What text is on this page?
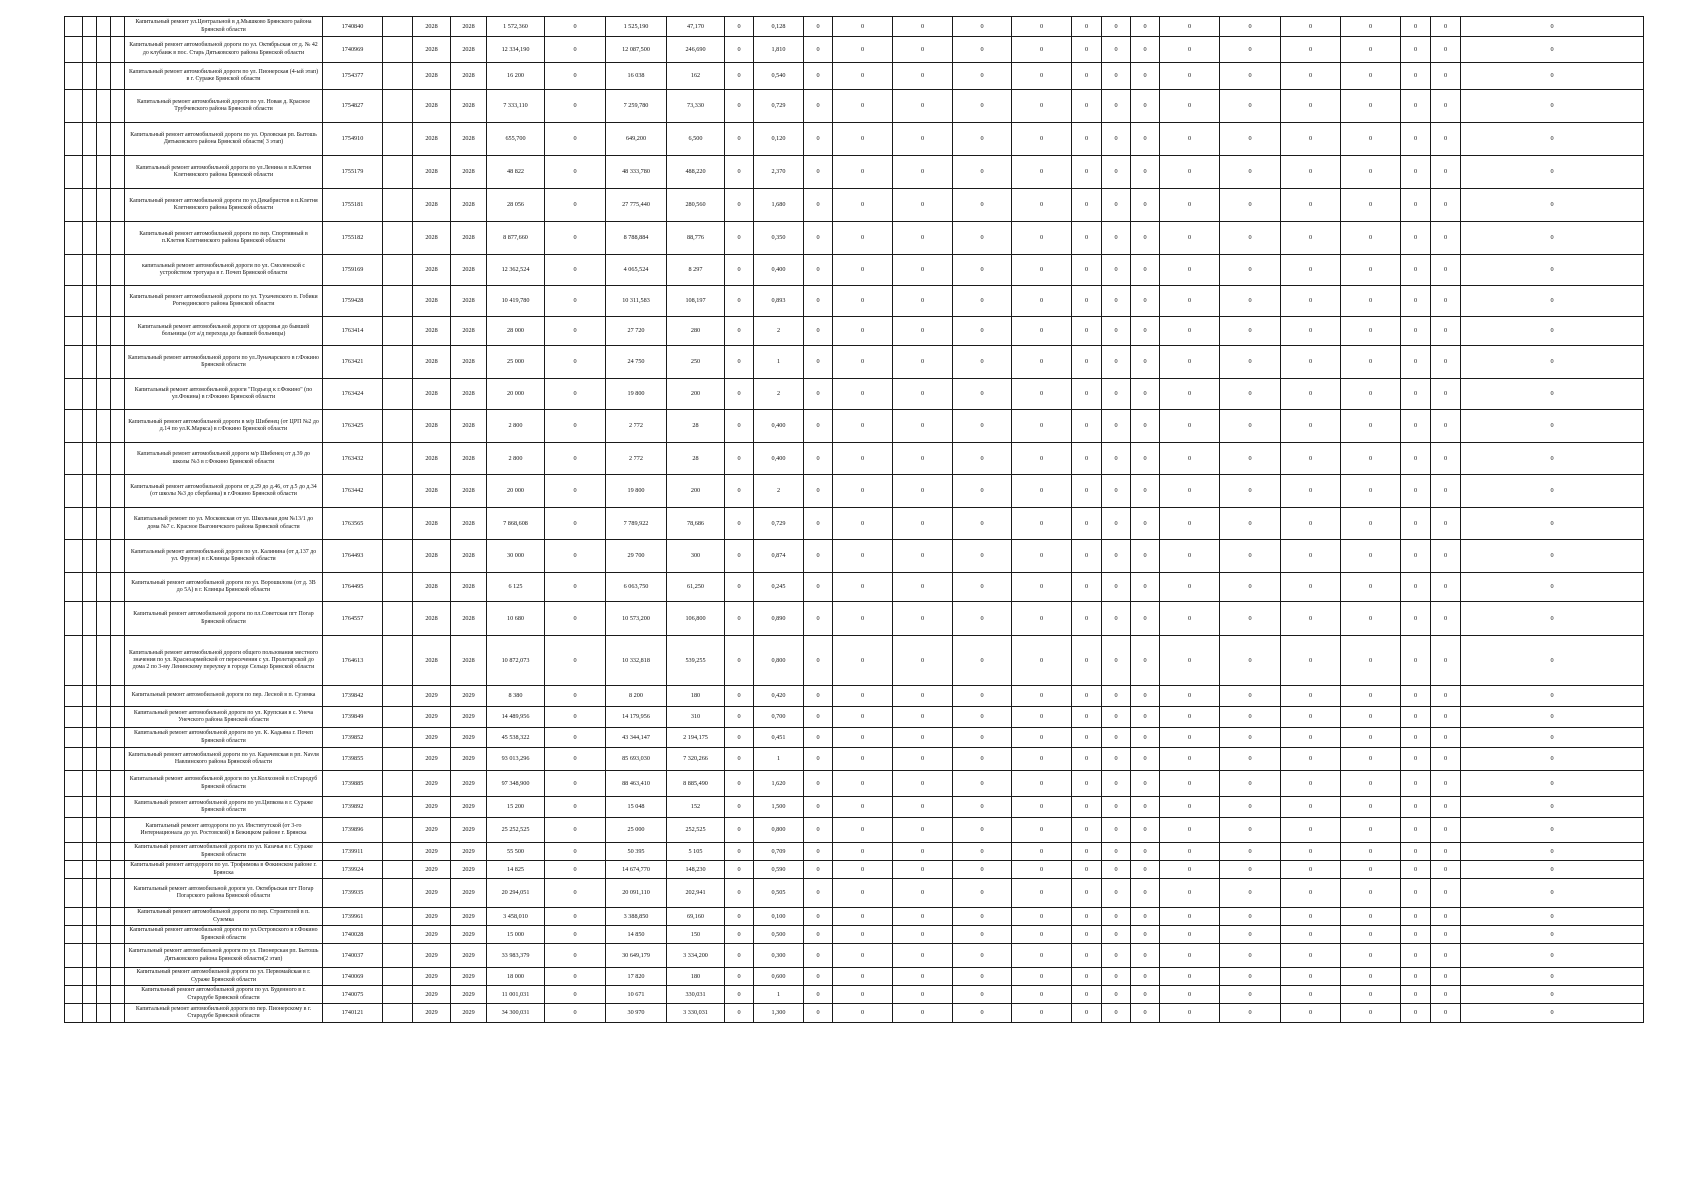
				Капитальный ремонт ул.Центральной в д.Мышково Брянского района Брянской области	1740840		2028	2028	1 572,360	0	1 525,190	47,170	0	0,128	0	0	0	0	0	0	0	0	0	0	0	0	0	0	0
				Капитальный ремонт автомобильной дороги по ул. Октябрьская от д. № 42 до клубаиж в пос. Старь Дятьковского района Брянской области	1740969		2028	2028	12 334,190	0	12 087,500	246,690	0	1,810	0	0	0	0	0	0	0	0	0	0	0	0	0	0	0
				Капитальный ремонт автомобильной дороги по ул. Пионерская (4-ый этап) в г. Сураже Брянской области	1754377		2028	2028	16 200	0	16 038	162	0	0,540	0	0	0	0	0	0	0	0	0	0	0	0	0	0	0
				Капитальный ремонт автомобильной дороги по ул. Новая д. Красное Трубчевского района Брянской области	1754827		2028	2028	7 333,110	0	7 259,780	73,330	0	0,729	0	0	0	0	0	0	0	0	0	0	0	0	0	0	0
				Капитальный ремонт автомобильной дороги по ул. Орловская рп. Бытошь Дятьковского района Брянской области( 3 этап)	1754910		2028	2028	655,700	0	649,200	6,500	0	0,120	0	0	0	0	0	0	0	0	0	0	0	0	0	0	0
				Капитальный ремонт автомобильной дороги по ул.Ленина в п.Клетня Клетнянского района Брянской области	1755179		2028	2028	48 822	0	48 333,780	488,220	0	2,370	0	0	0	0	0	0	0	0	0	0	0	0	0	0	0
				Капитальный ремонт автомобильной дороги по ул.Декабристов в п.Клетня Клетнянского района Брянской области	1755181		2028	2028	28 056	0	27 775,440	280,560	0	1,680	0	0	0	0	0	0	0	0	0	0	0	0	0	0	0
				Капитальный ремонт автомобильной дороги по пер. Спортивный в п.Клетня Клетнянского района Брянской области	1755182		2028	2028	8 877,660	0	8 788,884	88,776	0	0,350	0	0	0	0	0	0	0	0	0	0	0	0	0	0	0
				капитальный ремонт автомобильной дороги по ул. Смоленской с устройством тротуара в г. Почеп Брянской области	1759169		2028	2028	12 362,524	0	4 065,524	8 297	0	0,400	0	0	0	0	0	0	0	0	0	0	0	0	0	0	0
				Капитальный ремонт автомобильной дороги по ул. Тухачевского п. Гобики Рогнединского района Брянской области	1759428		2028	2028	10 419,780	0	10 311,583	108,197	0	0,893	0	0	0	0	0	0	0	0	0	0	0	0	0	0	0
				Капитальный ремонт автомобильной дороги от здоровья до бывшей больницы (от а/д перехода до бывшей больницы)	1763414		2028	2028	28 000	0	27 720	280	0	2	0	0	0	0	0	0	0	0	0	0	0	0	0	0	0
				Капитальный ремонт автомобильной дороги по ул.Луначарского в г.Фокино Брянской области	1763421		2028	2028	25 000	0	24 750	250	0	1	0	0	0	0	0	0	0	0	0	0	0	0	0	0	0
				Капитальный ремонт автомобильной дороги "Подъезд к г.Фокино" (по ул.Фокина) в г.Фокино Брянской области	1763424		2028	2028	20 000	0	19 800	200	0	2	0	0	0	0	0	0	0	0	0	0	0	0	0	0	0
				Капитальный ремонт автомобильной дороги в м/р Шибенец (от ЦРП №2 до д.14 по ул.К.Маркса) в г.Фокино Брянской области	1763425		2028	2028	2 800	0	2 772	28	0	0,400	0	0	0	0	0	0	0	0	0	0	0	0	0	0	0
				Капитальный ремонт автомобильной дороги м/р Шибенец от д.39 до школы №3 в г.Фокино Брянской области	1763432		2028	2028	2 800	0	2 772	28	0	0,400	0	0	0	0	0	0	0	0	0	0	0	0	0	0	0
				Капитальный ремонт автомобильной дороги от д.29 до д.46, от д.5 до д.34 (от школы №3 до сбербанка) в г.Фокино Брянской области	1763442		2028	2028	20 000	0	19 800	200	0	2	0	0	0	0	0	0	0	0	0	0	0	0	0	0	0
				Капитальный ремонт по ул. Московская от ул. Школьная дом №13/1 до дома №7 с. Красное Выгоничского района Брянской области	1763565		2028	2028	7 868,608	0	7 789,922	78,686	0	0,729	0	0	0	0	0	0	0	0	0	0	0	0	0	0	0
				Капитальный ремонт автомобильной дороги по ул. Калинина (от д.137 до ул. Фрунзе) в г.Клинцы Брянской области	1764493		2028	2028	30 000	0	29 700	300	0	0,874	0	0	0	0	0	0	0	0	0	0	0	0	0	0	0
				Капитальный ремонт автомобильной дороги по ул. Ворошилова (от д. 3В до 5А) в г. Клинцы Брянской области	1764495		2028	2028	6 125	0	6 063,750	61,250	0	0,245	0	0	0	0	0	0	0	0	0	0	0	0	0	0	0
				Капитальный ремонт автомобильной дороги по пл.Советская пгт Погар Брянской области	1764557		2028	2028	10 680	0	10 573,200	106,800	0	0,890	0	0	0	0	0	0	0	0	0	0	0	0	0	0	0
				Капитальный ремонт автомобильной дороги общего пользования местного значения по ул. Красноармейской от пересечения с ул. Пролетарской до дома 2 по 3-му Ленинскому переулку в городе Сельцо Брянской области	1764613		2028	2028	10 872,073	0	10 332,818	539,255	0	0,800	0	0	0	0	0	0	0	0	0	0	0	0	0	0	0
				Капитальный ремонт автомобильной дороги по пер. Лесной в п. Суземка	1739842		2029	2029	8 380	0	8 200	180	0	0,420	0	0	0	0	0	0	0	0	0	0	0	0	0	0	0
				Капитальный ремонт автомобильной дороги по ул. Крупская в с. Унеча Унечского района Брянской области	1739849		2029	2029	14 489,956	0	14 179,956	310	0	0,700	0	0	0	0	0	0	0	0	0	0	0	0	0	0	0
				Капитальный ремонт автомобильной дороги по ул. К. Кадьяна г. Почеп Брянской области	1739852		2029	2029	45 538,322	0	43 344,147	2 194,175	0	0,451	0	0	0	0	0	0	0	0	0	0	0	0	0	0	0
				Капитальный ремонт автомобильной дороги по ул. Карачевская в рп. Navля Навлинского района Брянской области	1739855		2029	2029	93 013,296	0	85 693,030	7 320,266	0	1	0	0	0	0	0	0	0	0	0	0	0	0	0	0	0
				Капитальный ремонт автомобильной дороги по ул.Колхозной в г.Стародуб Брянской области	1739885		2029	2029	97 348,900	0	88 463,410	8 885,490	0	1,620	0	0	0	0	0	0	0	0	0	0	0	0	0	0	0
				Капитальный ремонт автомобильной дороги по ул.Ципкова в г. Сураже Брянской области	1739892		2029	2029	15 200	0	15 048	152	0	1,500	0	0	0	0	0	0	0	0	0	0	0	0	0	0	0
				Капитальный ремонт автодороги по ул. Институтской (от 3-го Интернационала до ул. Ростовской) в Бежицком районе г. Брянска	1739896		2029	2029	25 252,525	0	25 000	252,525	0	0,800	0	0	0	0	0	0	0	0	0	0	0	0	0	0	0
				Капитальный ремонт автомобильной дороги по ул. Казачья в г. Сураже Брянской области	1739911		2029	2029	55 500	0	50 395	5 105	0	0,709	0	0	0	0	0	0	0	0	0	0	0	0	0	0	0
				Капитальный ремонт автодороги по ул. Трофимова в Фокинском районе г. Брянска	1739924		2029	2029	14 825	0	14 674,770	148,230	0	0,590	0	0	0	0	0	0	0	0	0	0	0	0	0	0	0
				Капитальный ремонт автомобильной дороги ул. Октябрьская пгт Погар Погарского района Брянской области	1739935		2029	2029	20 294,051	0	20 091,110	202,941	0	0,505	0	0	0	0	0	0	0	0	0	0	0	0	0	0	0
				Капитальный ремонт автомобильной дороги по пер. Строителей в п. Суземка	1739961		2029	2029	3 458,010	0	3 388,850	69,160	0	0,100	0	0	0	0	0	0	0	0	0	0	0	0	0	0	0
				Капитальный ремонт автомобильной дороги по ул.Островского в г.Фокино Брянской области	1740028		2029	2029	15 000	0	14 850	150	0	0,500	0	0	0	0	0	0	0	0	0	0	0	0	0	0	0
				Капитальный ремонт автомобильной дороги по ул. Пионерская рп. Бытошь Дятьковского района Брянской области(2 этап)	1740037		2029	2029	33 983,379	0	30 649,179	3 334,200	0	0,300	0	0	0	0	0	0	0	0	0	0	0	0	0	0	0
				Капитальный ремонт автомобильной дороги по ул. Первомайская в г. Сураже Брянской области	1740069		2029	2029	18 000	0	17 820	180	0	0,600	0	0	0	0	0	0	0	0	0	0	0	0	0	0	0
				Капитальный ремонт автомобильной дороги по ул. Буденного в г. Стародубе Брянской области	1740075		2029	2029	11 001,031	0	10 671	330,031	0	1	0	0	0	0	0	0	0	0	0	0	0	0	0	0	0
				Капитальный ремонт автомобильной дороги по пер. Пионерскому в г. Стародубе Брянской области	1740121		2029	2029	34 300,031	0	30 970	3 330,031	0	1,300	0	0	0	0	0	0	0	0	0	0	0	0	0	0	0
